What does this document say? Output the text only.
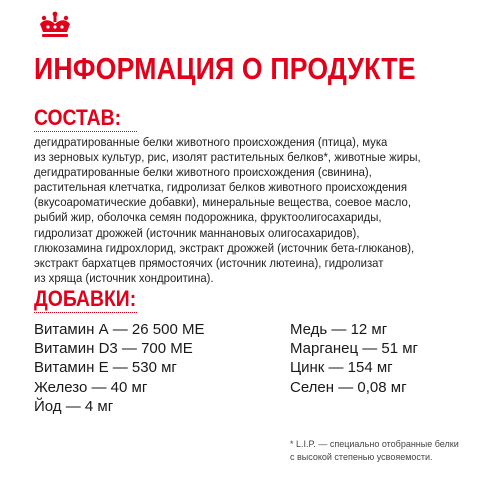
ИНФОРМАЦИЯ О ПРОДУКТЕ
СОСТАВ:

дегидратированные белки животного происхождения (птица), мука
из зерновых культур, рис, изолят растительных белков*, животные жиры,
дегидратированные белки животного происхождения (свинина),
растительная клетчатка, гидролизат белков животного происхождения
(вкусоароматические добавки), минеральные вещества, соевое масло,
рыбий жир, оболочка семян подорожника, фруктоолигосахариды,
гидролизат дрожжей (источник маннановых олигосахаридов),
глюкозамина гидрохлорид, экстракт дрожжей (источник бета-глюканов),
экстракт бархатцев прямостоячих (источник лютеина), гидролизат
из хряща (источник хондроитина).

ДОБАВКИ:
Витамин А — 26 500 МЕ
Витамин D3 — 700 МЕ
Витамин Е — 530 мг
Железо — 40 мг
Йод — 4 мг
Медь — 12 мг
Марганец — 51 мг
Цинк — 154 мг
Селен — 0,08 мг
* L.I.P. — специально отобранные белки
с высокой степенью усвояемости.
